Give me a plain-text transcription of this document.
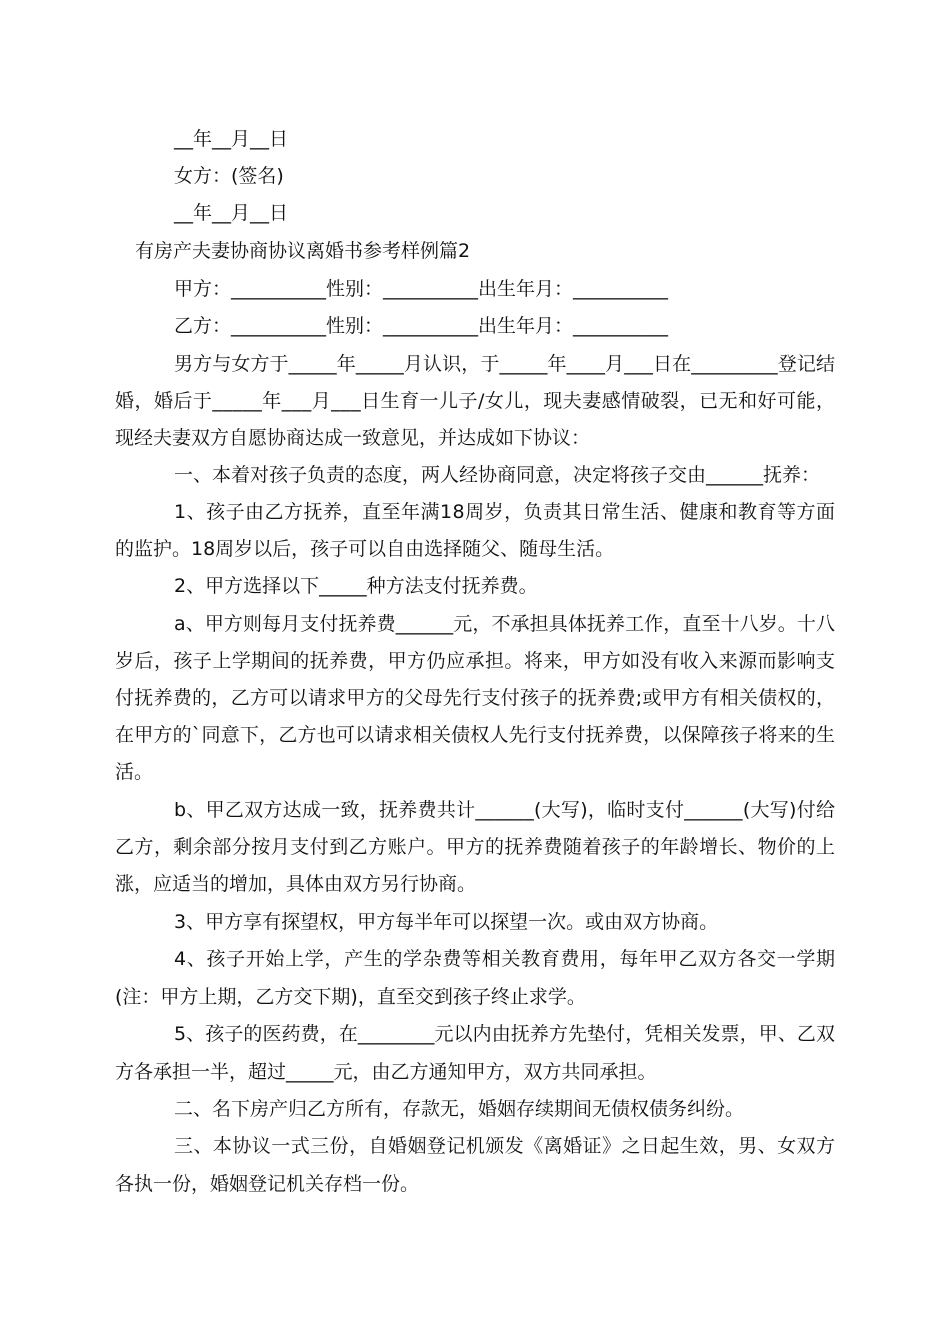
__年__月__日
女方：(签名)
__年__月__日
有房产夫妻协商协议离婚书参考样例篇2
甲方：__________性别：__________出生年月：__________
乙方：__________性别：__________出生年月：__________
男方与女方于_____年_____月认识，于_____年____月___日在_________登记结
婚，婚后于_____年___月___日生育一儿子/女儿，现夫妻感情破裂，已无和好可能，
现经夫妻双方自愿协商达成一致意见，并达成如下协议：
一、本着对孩子负责的态度，两人经协商同意，决定将孩子交由______抚养：
1、孩子由乙方抚养，直至年满18周岁，负责其日常生活、健康和教育等方面
的监护。18周岁以后，孩子可以自由选择随父、随母生活。
2、甲方选择以下_____种方法支付抚养费。
a、甲方则每月支付抚养费______元，不承担具体抚养工作，直至十八岁。十八
岁后，孩子上学期间的抚养费，甲方仍应承担。将来，甲方如没有收入来源而影响支
付抚养费的，乙方可以请求甲方的父母先行支付孩子的抚养费;或甲方有相关债权的，
在甲方的`同意下，乙方也可以请求相关债权人先行支付抚养费，以保障孩子将来的生
活。
b、甲乙双方达成一致，抚养费共计______(大写)，临时支付______(大写)付给
乙方，剩余部分按月支付到乙方账户。甲方的抚养费随着孩子的年龄增长、物价的上
涨，应适当的增加，具体由双方另行协商。
3、甲方享有探望权，甲方每半年可以探望一次。或由双方协商。
4、孩子开始上学，产生的学杂费等相关教育费用，每年甲乙双方各交一学期
(注：甲方上期，乙方交下期)，直至交到孩子终止求学。
5、孩子的医药费，在________元以内由抚养方先垫付，凭相关发票，甲、乙双
方各承担一半，超过_____元，由乙方通知甲方，双方共同承担。
二、名下房产归乙方所有，存款无，婚姻存续期间无债权债务纠纷。
三、本协议一式三份，自婚姻登记机颁发《离婚证》之日起生效，男、女双方
各执一份，婚姻登记机关存档一份。
